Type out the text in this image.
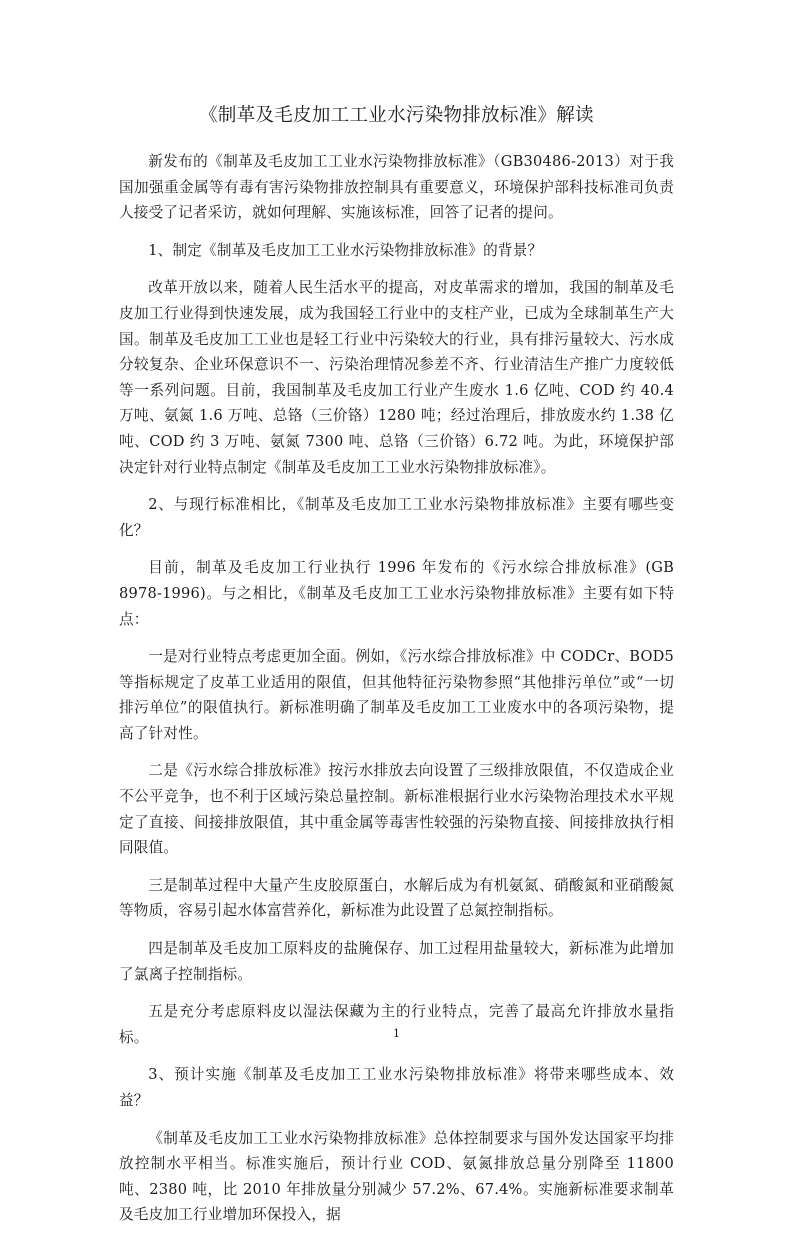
《制革及毛皮加工工业水污染物排放标准》解读

新发布的《制革及毛皮加工工业水污染物排放标准》（GB30486-2013）对于我国加强重金属等有毒有害污染物排放控制具有重要意义，环境保护部科技标准司负责人接受了记者采访，就如何理解、实施该标准，回答了记者的提问。

1、制定《制革及毛皮加工工业水污染物排放标准》的背景？

改革开放以来，随着人民生活水平的提高，对皮革需求的增加，我国的制革及毛皮加工行业得到快速发展，成为我国轻工行业中的支柱产业，已成为全球制革生产大国。制革及毛皮加工工业也是轻工行业中污染较大的行业，具有排污量较大、污水成分较复杂、企业环保意识不一、污染治理情况参差不齐、行业清洁生产推广力度较低等一系列问题。目前，我国制革及毛皮加工行业产生废水 1.6 亿吨、COD 约 40.4 万吨、氨氮 1.6 万吨、总铬（三价铬）1280 吨；经过治理后，排放废水约 1.38 亿吨、COD 约 3 万吨、氨氮 7300 吨、总铬（三价铬）6.72 吨。为此，环境保护部决定针对行业特点制定《制革及毛皮加工工业水污染物排放标准》。

2、与现行标准相比，《制革及毛皮加工工业水污染物排放标准》主要有哪些变化？

目前，制革及毛皮加工行业执行 1996 年发布的《污水综合排放标准》(GB 8978-1996)。与之相比，《制革及毛皮加工工业水污染物排放标准》主要有如下特点：

一是对行业特点考虑更加全面。例如，《污水综合排放标准》中 CODCr、BOD5 等指标规定了皮革工业适用的限值，但其他特征污染物参照“其他排污单位”或“一切排污单位”的限值执行。新标准明确了制革及毛皮加工工业废水中的各项污染物，提高了针对性。

二是《污水综合排放标准》按污水排放去向设置了三级排放限值，不仅造成企业不公平竞争，也不利于区域污染总量控制。新标准根据行业水污染物治理技术水平规定了直接、间接排放限值，其中重金属等毒害性较强的污染物直接、间接排放执行相同限值。

三是制革过程中大量产生皮胶原蛋白，水解后成为有机氨氮、硝酸氮和亚硝酸氮等物质，容易引起水体富营养化，新标准为此设置了总氮控制指标。

四是制革及毛皮加工原料皮的盐腌保存、加工过程用盐量较大，新标准为此增加了氯离子控制指标。

五是充分考虑原料皮以湿法保藏为主的行业特点，完善了最高允许排放水量指标。

3、预计实施《制革及毛皮加工工业水污染物排放标准》将带来哪些成本、效益？

《制革及毛皮加工工业水污染物排放标准》总体控制要求与国外发达国家平均排放控制水平相当。标准实施后，预计行业 COD、氨氮排放总量分别降至 11800 吨、2380 吨，比 2010 年排放量分别减少 57.2%、67.4%。实施新标准要求制革及毛皮加工行业增加环保投入，据

1
